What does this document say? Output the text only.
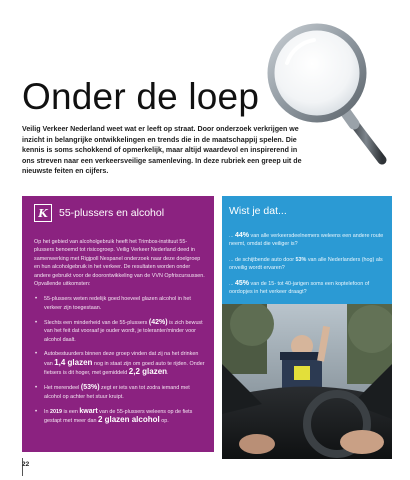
Onder de loep
Veilig Verkeer Nederland weet wat er leeft op straat. Door onderzoek verkrijgen we inzicht in belangrijke ontwikkelingen en trends die in de maatschappij spelen. Die kennis is soms schokkend of opmerkelijk, maar altijd waardevol en inspirerend in ons streven naar een verkeersveilige samenleving. In deze rubriek een greep uit de nieuwste feiten en cijfers.
K	55-plussers en alcohol

Op het gebied van alcoholgebruik heeft het Trimbos-instituut 55-plussers benoemd tot risicogroep. Veilig Verkeer Nederland deed in samenwerking met Rigjpoll Nespanel onderzoek naar deze doelgroep en hun alcoholgebruik in het verkeer. De resultaten worden onder andere gebruikt voor de doorontwikkeling van de VVN Opfriscursussen. Opvallende uitkomsten:

• 55-plussers weten redelijk goed hoeveel glazen alcohol in het verkeer zijn toegestaan.
• Slechts een minderheid van de 55-plussers (42%) is zich bewust van het feit dat vooraaf je ouder wordt, je toleranter/minder voor alcohol daalt.
• Autobestuurders binnen deze groep vinden dat zij na het drinken van 1,4 glazen nog in staat zijn om goed auto te rijden. Onder fietsers is dit hoger, met gemiddeld 2,2 glazen.
• Het merendeel (53%) zegt er iets van tot zodra iemand met alcohol op achter het stuur kruipt.
• In 2019 is een kwart van de 55-plussers weleens op de fiets gestapt met meer dan 2 glazen alcohol op.
Wist je dat...

... 44% van alle verkeersdeelnemers weleens een andere route neemt, omdat die veiliger is?

... de schijtbende auto door 53% van alle Nederlanders (hog) als onveilig wordt ervaren?

... 45% van de 15- tot 40-jarigen soms een koptelefoon of oordopjes in het verkeer draagt?

22
